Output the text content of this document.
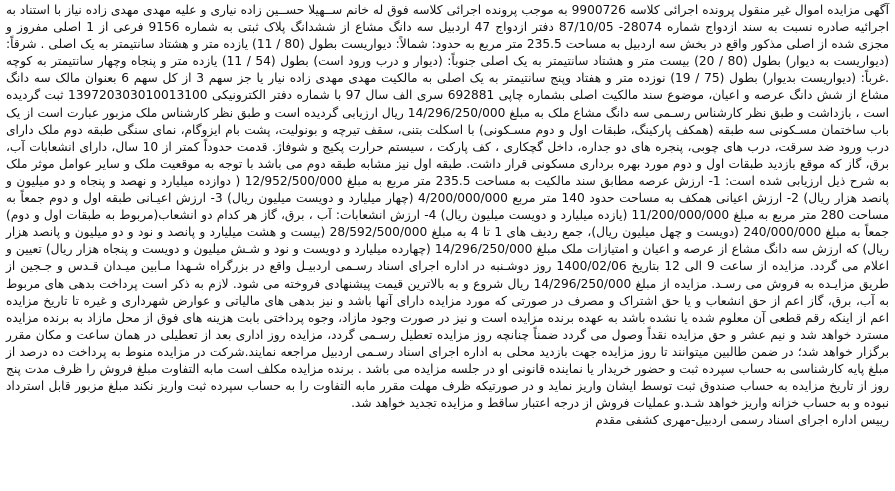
آگهی مزایده اموال غیر منقول پرونده اجرائی کلاسه 9900726 به موجب پرونده اجرائی کلاسه فوق له خانم ســهیلا حســین زاده نیاری و علیه مهدی مهدی زاده نیاز با استناد به اجرائیه صادره نسبت به سند ازدواج شماره 28074- 87/10/05 دفتر ازدواج 47 اردبیل سه دانگ مشاع از ششدانگ پلاک ثبتی به شماره 9156 فرعی از 1 اصلی مفروز و مجزی شده از اصلی مذکور واقع در بخش سه اردبیل به مساحت 235.5 متر مربع به حدود: شمالاً: دیواریست بطول (80 / 11) یازده متر و هشتاد سانتیمتر به یک اصلی . شرقاً: (دیواریست به دیوار) بطول (80 / 20) بیست متر و هشتاد سانتیمتر به یک اصلی جنوباً: (دیوار و درب ورود است) بطول (54 / 11) یازده متر و پنجاه وچهار سانتیمتر به کوچه .غرباً: (دیواریست بدیوار) بطول (75 / 19) نوزده متر و هفتاد وپنج سانتیمتر به یک اصلی به مالکیت مهدی مهدی زاده نیار یا جز سهم 3 از کل سهم 6 بعنوان مالک سه دانگ مشاع از شش دانگ عرصه و اعیان، موضوع سند مالکیت اصلی بشماره چاپی 692881 سری الف سال 97 با شماره دفتر الکترونیکی 139720303010013100 ثبت گردیده است ، بازداشت و طبق نظر کارشناس رسـمی سه دانگ مشاع ملک به مبلغ 14/296/250/000 ریال ارزیابی گردیده است و طبق نظر کارشناس ملک مزبور عبارت است از یک باب ساختمان مسـکونی سه طبقه (همکف پارکینگ، طبقات اول و دوم مسـکونی) با اسکلت بتنی، سقف تیرچه و بونولیت، پشت بام ایزوگام، نمای سنگی طبقه دوم ملک دارای درب ورود ضد سرقت، درب های چوبی، پنجره های دو جداره، داخل گچکاری ، کف پارکت ، سیستم حرارت پکیج و شوفاژ. قدمت حدوداً کمتر از 10 سال، دارای انشعابات آب، برق، گاز که موقع بازدید طبقات اول و دوم مورد بهره برداری مسکونی قرار داشت. طبقه اول نیز مشابه طبقه دوم می باشد با توجه به موقعیت ملک و سایر عوامل موثر ملک به شرح ذیل ارزیابی شده است: 1- ارزش عرصه مطابق سند مالکیت به مساحت 235.5 متر مربع به مبلغ 12/952/500/000 ( دوازده میلیارد و نهصد و پنجاه و دو میلیون و پانصد هزار ریال) 2- ارزش اعیانی همکف به مساحت حدود 140 متر مربع 4/200/000/000 (چهار میلیارد و دویست میلیون ریال) 3- ارزش اعیـانی طبقه اول و دوم جمعاً به مساحت 280 متر مربع به مبلغ 11/200/000/000 (یازده میلیارد و دویست میلیون ریال) 4- ارزش انشعابات: آب ، برق، گاز هر کدام دو انشعاب(مربوط به طبقات اول و دوم) جمعاً به مبلغ 240/000/000 (دویست و چهل میلیون ریال)، جمع ردیف های 1 تا 4 به مبلغ 28/592/500/000 (بیست و هشت میلیارد و پانصد و نود و دو میلیون و پانصد هزار ریال) که ارزش سه دانگ مشاع از عرصه و اعیان و امتیازات ملک مبلغ 14/296/250/000 (چهارده میلیارد و دویست و نود و شـش میلیون و دویست و پنجاه هزار ریال) تعیین و اعلام می گردد. مزایده از ساعت 9 الی 12 بتاریخ 1400/02/06 روز دوشـنبه در اداره اجرای اسناد رسـمی اردبیـل واقع در بزرگراه شـهدا مـابین میـدان قـدس و جـجین از طریق مزایـده به فروش می رسـد. مزایده از مبلغ 14/296/250/000 ریال شروع و به بالاترین قیمت پیشنهادی فروخته می شود. لازم به ذکر است پرداخت بدهی های مربوط به آب، برق، گاز اعم از حق انشعاب و یا حق اشتراک و مصرف در صورتی که مورد مزایده دارای آنها باشد و نیز بدهی های مالیاتی و عوارض شهرداری و غیره تا تاریخ مزایده اعم از اینکه رقم قطعی آن معلوم شده یا نشده باشد به عهده برنده مزایده است و نیز در صورت وجود مازاد، وجوه پرداختی بابت هزینه های فوق از محل مازاد به برنده مزایده مسترد خواهد شد و نیم عشر و حق مزایده نقداً وصول می گردد ضمناً چنانچه روز مزایده تعطیل رسـمی گردد، مزایده روز اداری بعد از تعطیلی در همان ساعت و مکان مقرر برگزار خواهد شد؛ در ضمن طالبین میتوانند تا روز مزایده جهت بازدید محلی به اداره اجرای اسناد رسـمی اردبیل مراجعه نمایند.شرکت در مزایده منوط به پرداخت ده درصد از مبلغ پایه کارشناسی به حساب سپرده ثبت و حضور خریدار یا نماینده قانونی او در جلسه مزایده می باشد . برنده مزایده مکلف است مابه التفاوت مبلغ فروش را ظرف مدت پنج روز از تاریخ مزایده به حساب صندوق ثبت توسط ایشان واریز نماید و در صورتیکه ظرف مهلت مقرر مابه التفاوت را به حساب سپرده ثبت واریز نکند مبلغ مزبور قابل استرداد نبوده و به حساب خزانه واریز خواهد شـد.و عملیات فروش از درجه اعتبار ساقط و مزایده تجدید خواهد شد.

رییس اداره اجرای اسناد رسمی اردبیل-مهری کشفی مقدم
